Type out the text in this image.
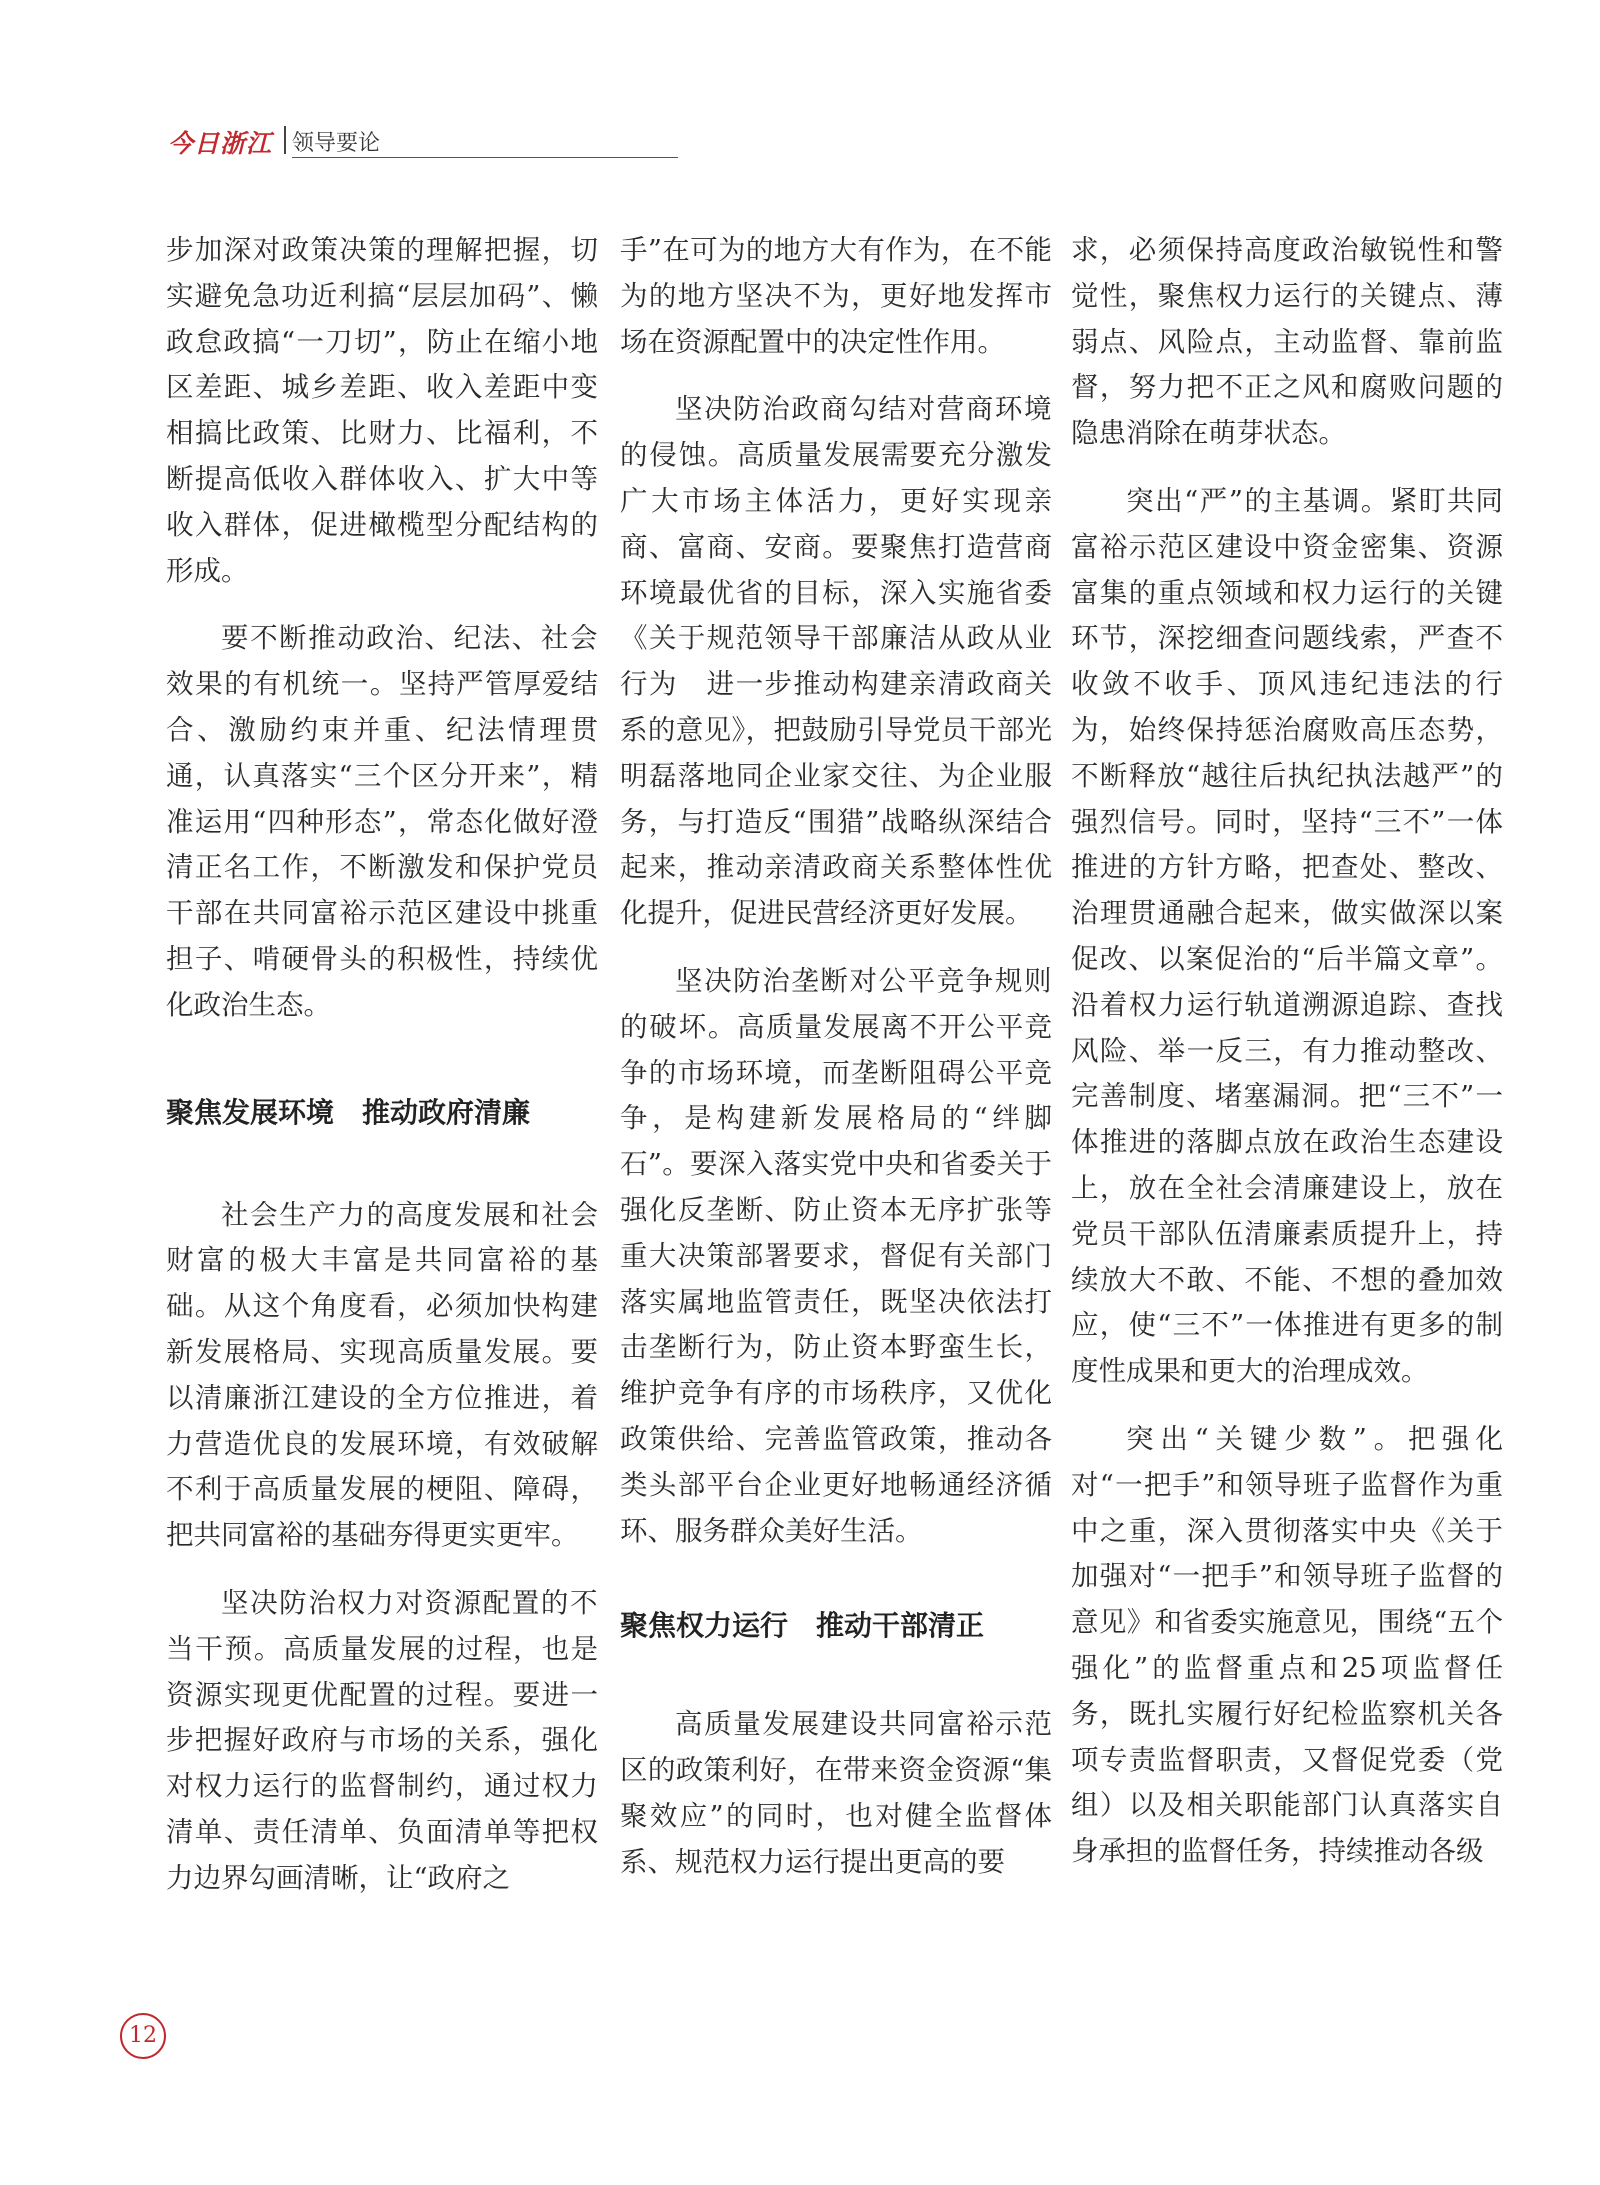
今日浙江 领导要论

步加深对政策决策的理解把握，切实避免急功近利搞“层层加码”、懒政怠政搞“一刀切”，防止在缩小地区差距、城乡差距、收入差距中变相搞比政策、比财力、比福利，不断提高低收入群体收入、扩大中等收入群体，促进橄榄型分配结构的形成。

要不断推动政治、纪法、社会效果的有机统一。坚持严管厚爱结合、激励约束并重、纪法情理贯通，认真落实“三个区分开来”，精准运用“四种形态”，常态化做好澄清正名工作，不断激发和保护党员干部在共同富裕示范区建设中挑重担子、啃硬骨头的积极性，持续优化政治生态。

聚焦发展环境　推动政府清廉

社会生产力的高度发展和社会财富的极大丰富是共同富裕的基础。从这个角度看，必须加快构建新发展格局、实现高质量发展。要以清廉浙江建设的全方位推进，着力营造优良的发展环境，有效破解不利于高质量发展的梗阻、障碍，把共同富裕的基础夯得更实更牢。

坚决防治权力对资源配置的不当干预。高质量发展的过程，也是资源实现更优配置的过程。要进一步把握好政府与市场的关系，强化对权力运行的监督制约，通过权力清单、责任清单、负面清单等把权力边界勾画清晰，让“政府之

手”在可为的地方大有作为，在不能为的地方坚决不为，更好地发挥市场在资源配置中的决定性作用。

坚决防治政商勾结对营商环境的侵蚀。高质量发展需要充分激发广大市场主体活力，更好实现亲商、富商、安商。要聚焦打造营商环境最优省的目标，深入实施省委《关于规范领导干部廉洁从政从业行为　进一步推动构建亲清政商关系的意见》，把鼓励引导党员干部光明磊落地同企业家交往、为企业服务，与打造反“围猎”战略纵深结合起来，推动亲清政商关系整体性优化提升，促进民营经济更好发展。

坚决防治垄断对公平竞争规则的破坏。高质量发展离不开公平竞争的市场环境，而垄断阻碍公平竞争，是构建新发展格局的“绊脚石”。要深入落实党中央和省委关于强化反垄断、防止资本无序扩张等重大决策部署要求，督促有关部门落实属地监管责任，既坚决依法打击垄断行为，防止资本野蛮生长，维护竞争有序的市场秩序，又优化政策供给、完善监管政策，推动各类头部平台企业更好地畅通经济循环、服务群众美好生活。

聚焦权力运行　推动干部清正

高质量发展建设共同富裕示范区的政策利好，在带来资金资源“集聚效应”的同时，也对健全监督体系、规范权力运行提出更高的要

求，必须保持高度政治敏锐性和警觉性，聚焦权力运行的关键点、薄弱点、风险点，主动监督、靠前监督，努力把不正之风和腐败问题的隐患消除在萌芽状态。

突出“严”的主基调。紧盯共同富裕示范区建设中资金密集、资源富集的重点领域和权力运行的关键环节，深挖细查问题线索，严查不收敛不收手、顶风违纪违法的行为，始终保持惩治腐败高压态势，不断释放“越往后执纪执法越严”的强烈信号。同时，坚持“三不”一体推进的方针方略，把查处、整改、治理贯通融合起来，做实做深以案促改、以案促治的“后半篇文章”。沿着权力运行轨道溯源追踪、查找风险、举一反三，有力推动整改、完善制度、堵塞漏洞。把“三不”一体推进的落脚点放在政治生态建设上，放在全社会清廉建设上，放在党员干部队伍清廉素质提升上，持续放大不敢、不能、不想的叠加效应，使“三不”一体推进有更多的制度性成果和更大的治理成效。

突出“关键少数”。把强化对“一把手”和领导班子监督作为重中之重，深入贯彻落实中央《关于加强对“一把手”和领导班子监督的意见》和省委实施意见，围绕“五个强化”的监督重点和25项监督任务，既扎实履行好纪检监察机关各项专责监督职责，又督促党委（党组）以及相关职能部门认真落实自身承担的监督任务，持续推动各级

12
